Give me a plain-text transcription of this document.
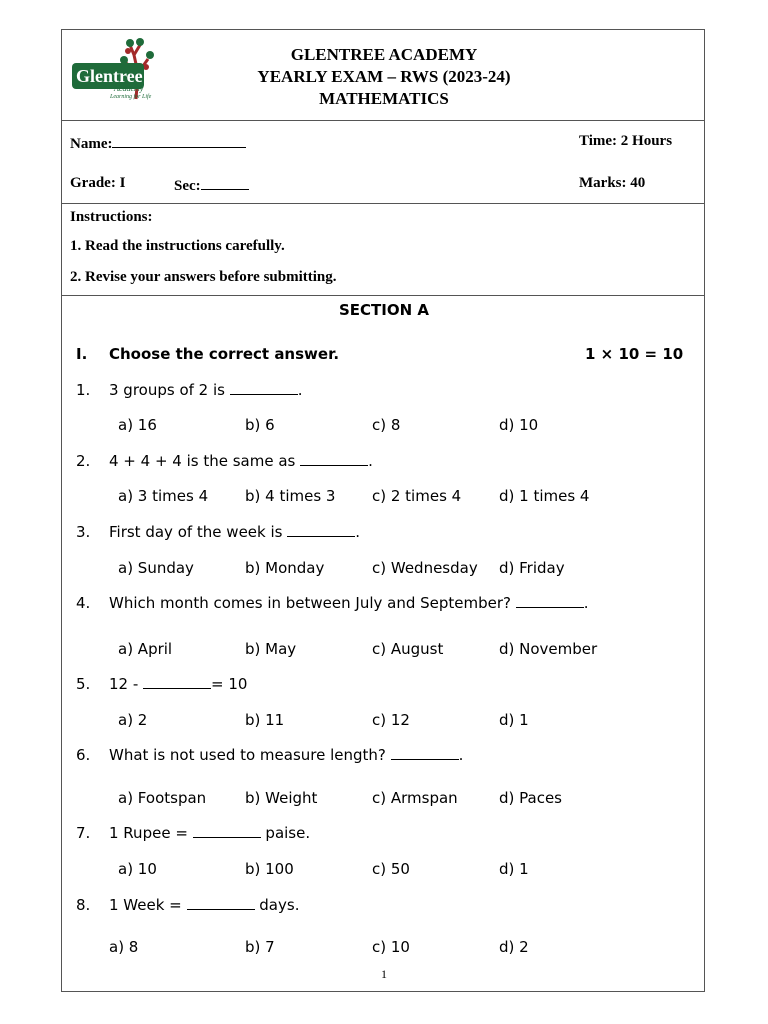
Glentree
Academy
Learning for Life
GLENTREE ACADEMY
YEARLY EXAM – RWS (2023-24)
MATHEMATICS
Name:	Time: 2 Hours
Grade: I	Sec:	Marks: 40
Instructions:
1. Read the instructions carefully.
2. Revise your answers before submitting.
SECTION A
I. Choose the correct answer.	1 × 10 = 10
1. 3 groups of 2 is	.
a) 16	b) 6	c) 8	d) 10
2. 4 + 4 + 4 is the same as	.
a) 3 times 4 b) 4 times 3 c) 2 times 4	d) 1 times 4
3. First day of the week is	.
a) Sunday	b) Monday	c) Wednesday d) Friday
4. Which month comes in between July and September?	.
a) April	b) May	c) August	d) November
5. 12 -	= 10
a) 2	b) 11	c) 12	d) 1
6. What is not used to measure length?	.
a) Footspan	b) Weight	c) Armspan	d) Paces
7. 1 Rupee =	paise.
a) 10	b) 100	c) 50	d) 1
8. 1 Week =	days.
a) 8	b) 7	c) 10	d) 2
1
